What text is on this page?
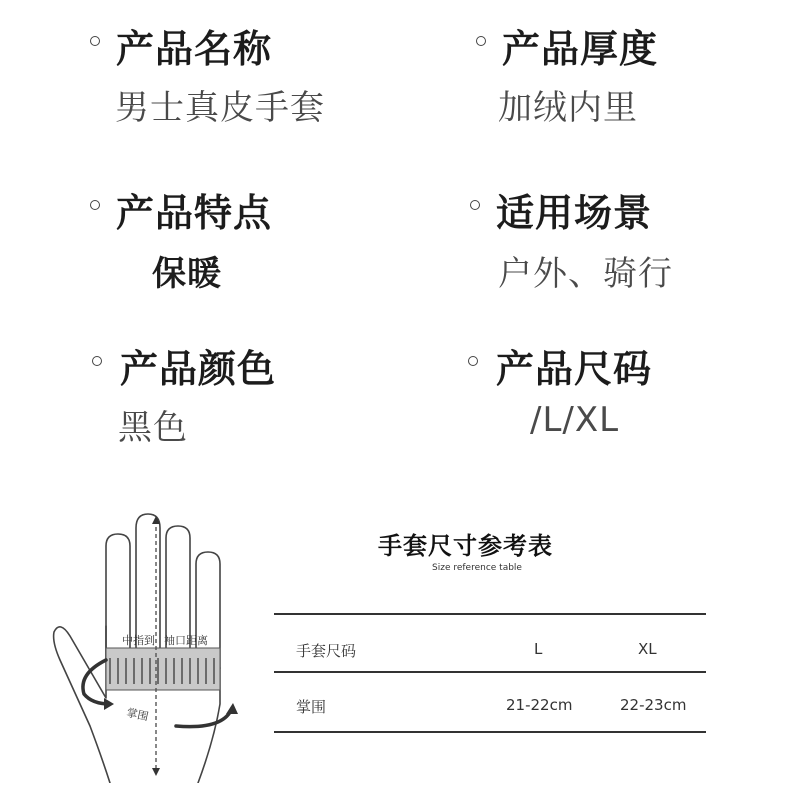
产品名称
男士真皮手套
产品厚度
加绒内里
产品特点
保暖
适用场景
户外、骑行
产品颜色
黑色
产品尺码
/L/XL
中指到 袖口距离
掌围
手套尺寸参考表
Size reference table
手套尺码	L	XL
掌围	21-22cm	22-23cm
